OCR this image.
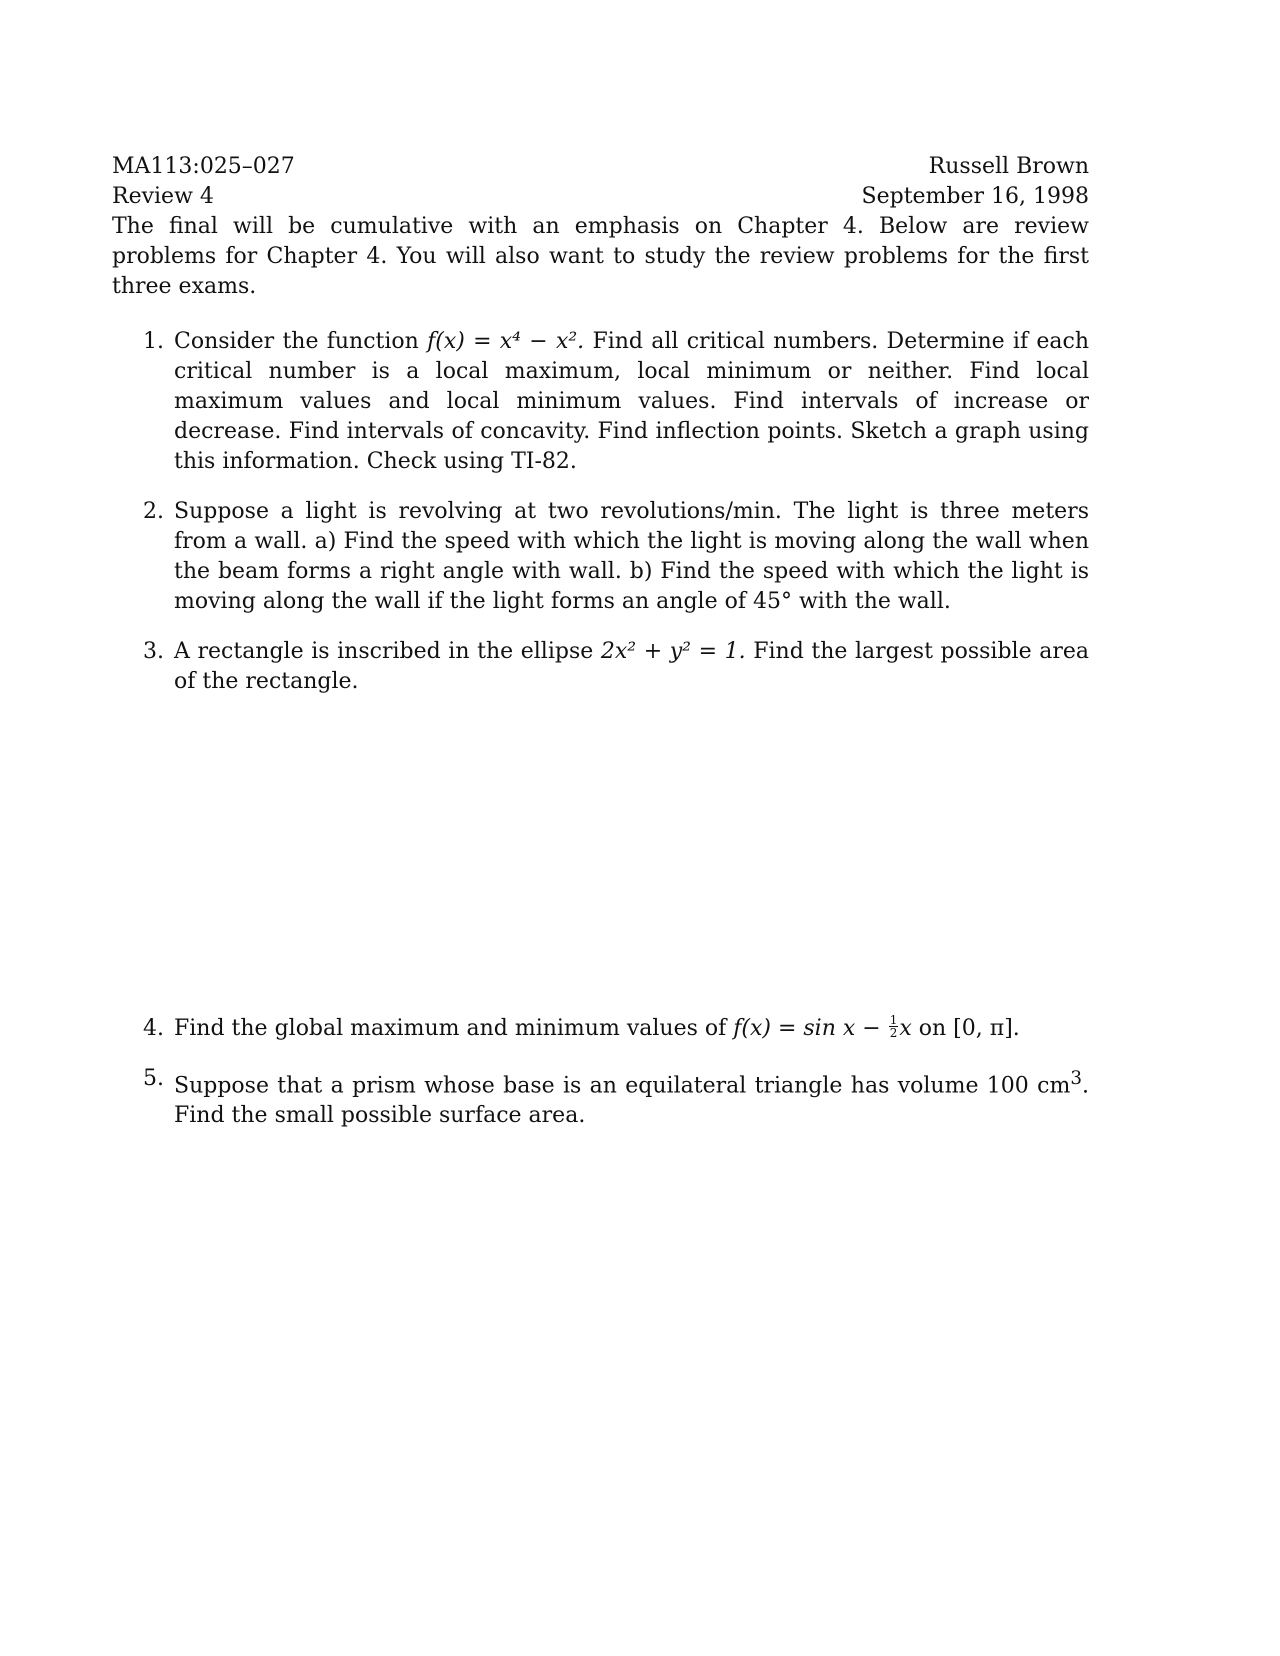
MA113:025–027	Russell Brown
Review 4	September 16, 1998
The final will be cumulative with an emphasis on Chapter 4. Below are review problems for Chapter 4. You will also want to study the review problems for the first three exams.
1. Consider the function f(x) = x⁴ − x². Find all critical numbers. Determine if each critical number is a local maximum, local minimum or neither. Find local maximum values and local minimum values. Find intervals of increase or decrease. Find intervals of concavity. Find inflection points. Sketch a graph using this information. Check using TI-82.
2. Suppose a light is revolving at two revolutions/min. The light is three meters from a wall. a) Find the speed with which the light is moving along the wall when the beam forms a right angle with wall. b) Find the speed with which the light is moving along the wall if the light forms an angle of 45° with the wall.
3. A rectangle is inscribed in the ellipse 2x² + y² = 1. Find the largest possible area of the rectangle.
4. Find the global maximum and minimum values of $f(x) = \sin x - \frac{1}{2}$ x on [0, π].
5. Suppose that a prism whose base is an equilateral triangle has volume 100 $cm^3$. Find the small possible surface area.
